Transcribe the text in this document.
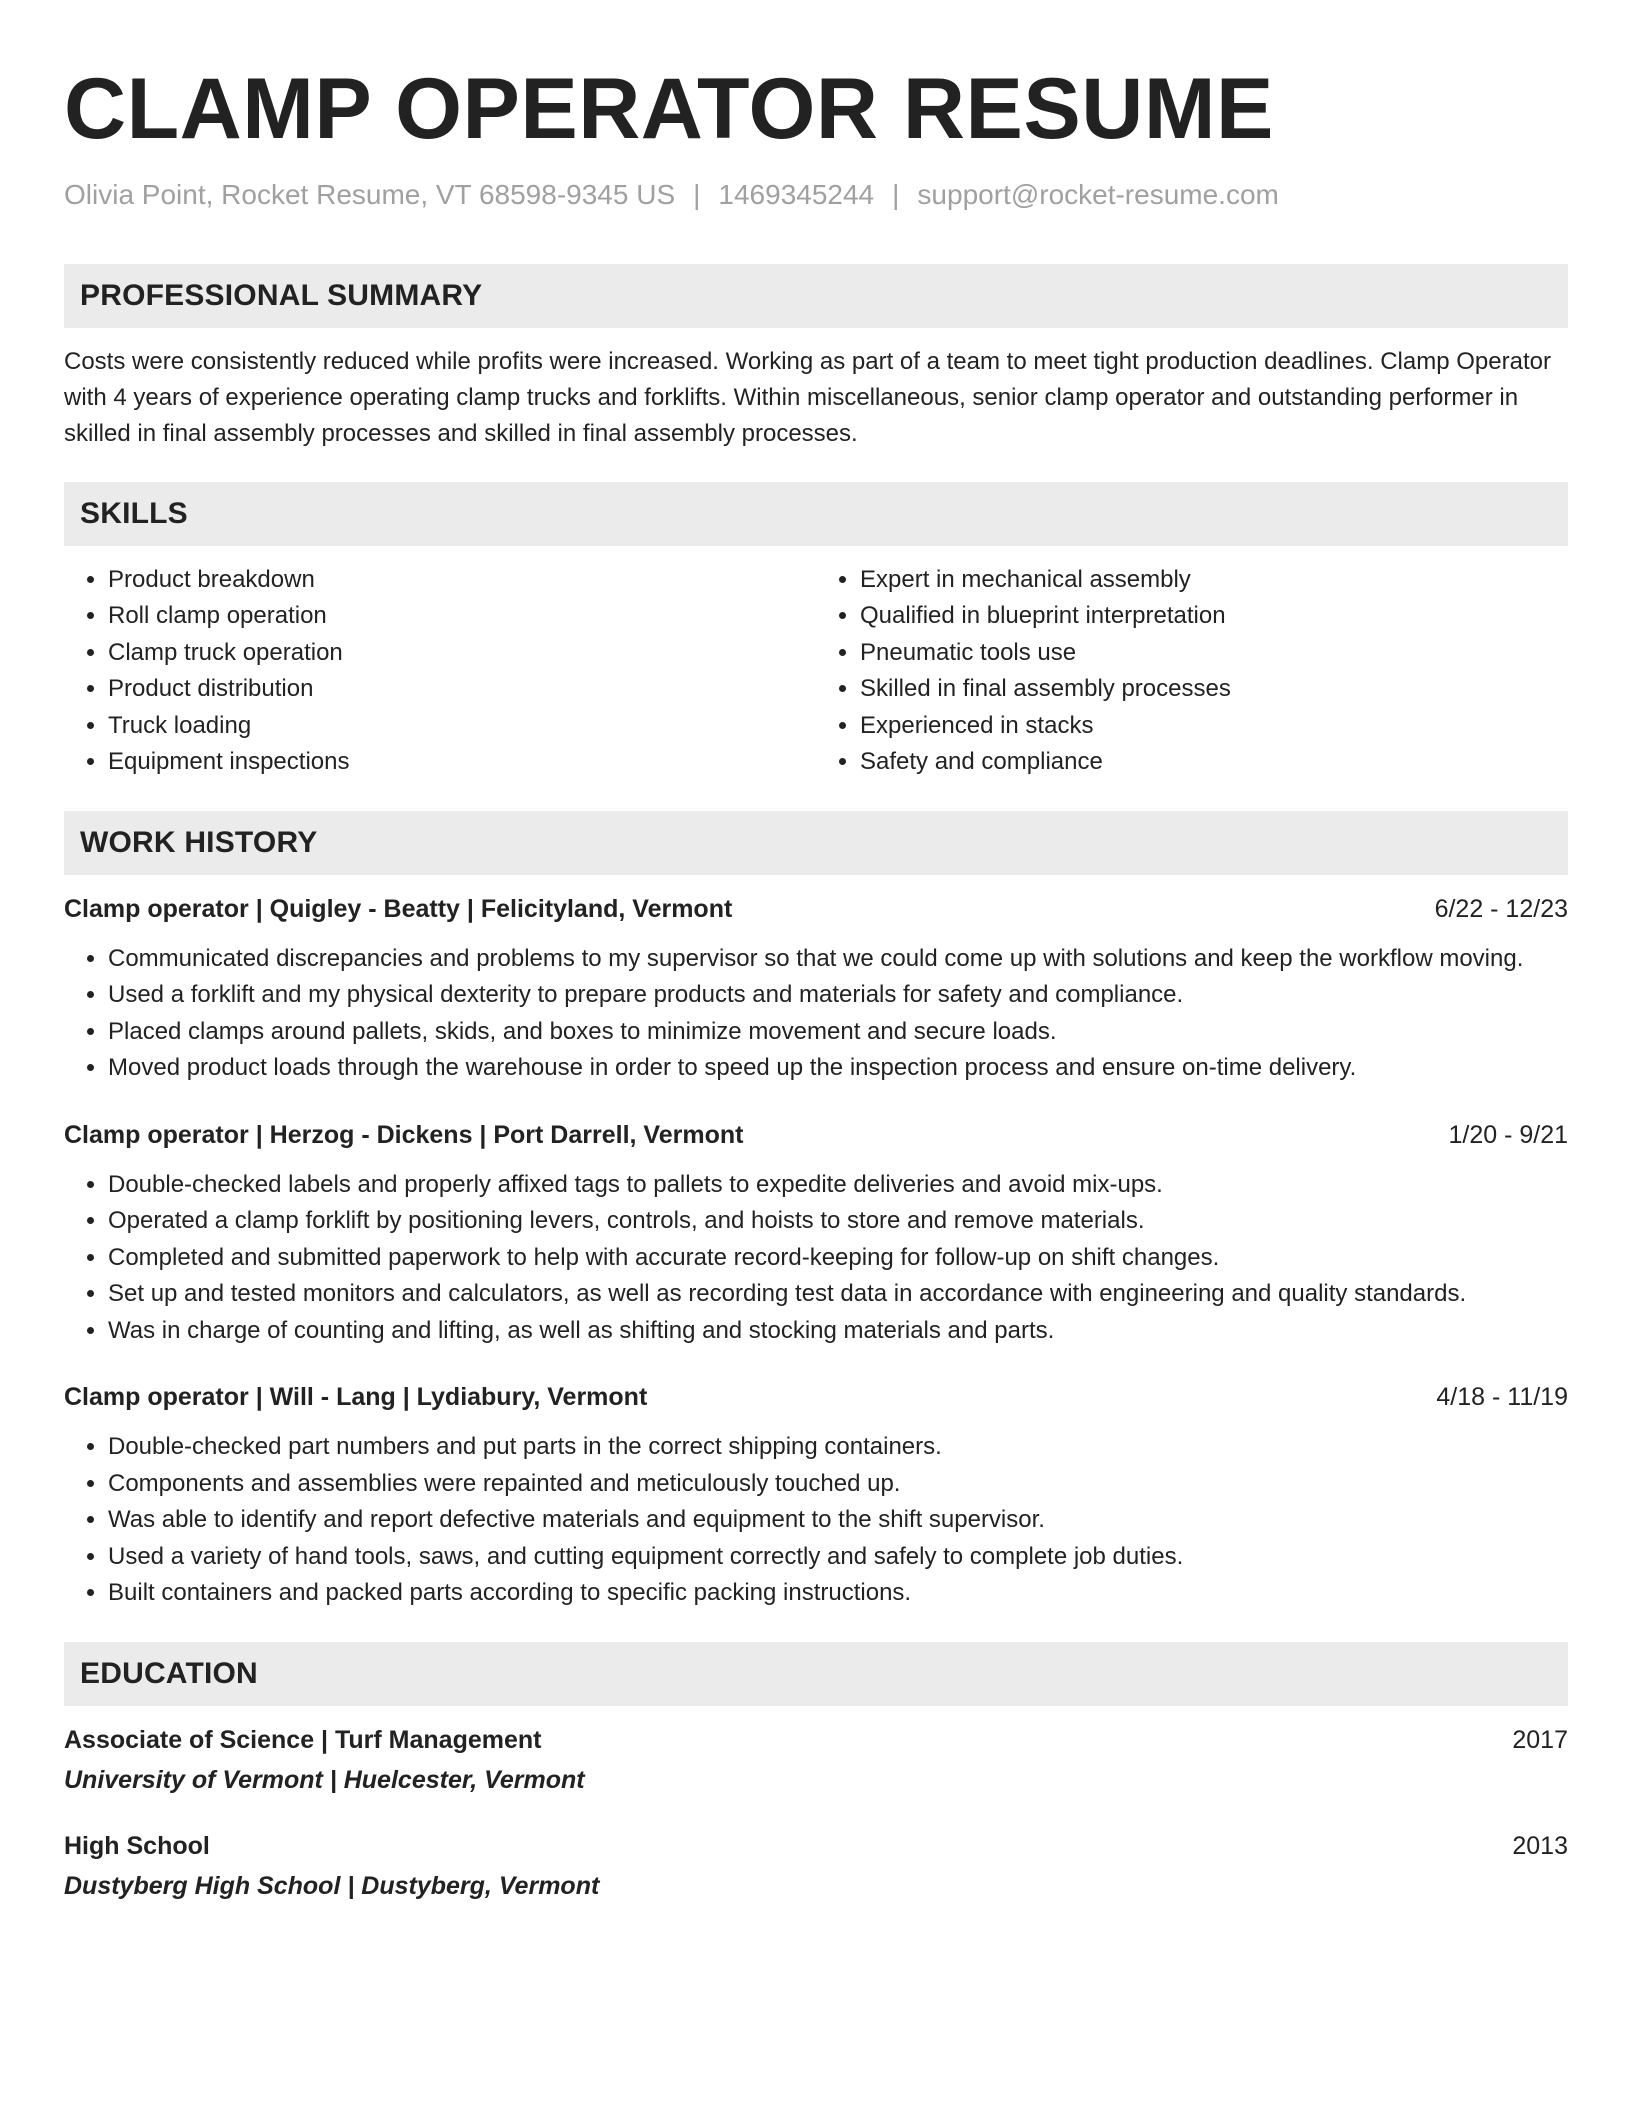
CLAMP OPERATOR RESUME
Olivia Point, Rocket Resume, VT 68598-9345 US | 1469345244 | support@rocket-resume.com
PROFESSIONAL SUMMARY
Costs were consistently reduced while profits were increased. Working as part of a team to meet tight production deadlines. Clamp Operator with 4 years of experience operating clamp trucks and forklifts. Within miscellaneous, senior clamp operator and outstanding performer in skilled in final assembly processes and skilled in final assembly processes.
SKILLS
• Product breakdown
• Roll clamp operation
• Clamp truck operation
• Product distribution
• Truck loading
• Equipment inspections
• Expert in mechanical assembly
• Qualified in blueprint interpretation
• Pneumatic tools use
• Skilled in final assembly processes
• Experienced in stacks
• Safety and compliance
WORK HISTORY
Clamp operator | Quigley - Beatty | Felicityland, Vermont	6/22 - 12/23
• Communicated discrepancies and problems to my supervisor so that we could come up with solutions and keep the workflow moving.
• Used a forklift and my physical dexterity to prepare products and materials for safety and compliance.
• Placed clamps around pallets, skids, and boxes to minimize movement and secure loads.
• Moved product loads through the warehouse in order to speed up the inspection process and ensure on-time delivery.
Clamp operator | Herzog - Dickens | Port Darrell, Vermont	1/20 - 9/21
• Double-checked labels and properly affixed tags to pallets to expedite deliveries and avoid mix-ups.
• Operated a clamp forklift by positioning levers, controls, and hoists to store and remove materials.
• Completed and submitted paperwork to help with accurate record-keeping for follow-up on shift changes.
• Set up and tested monitors and calculators, as well as recording test data in accordance with engineering and quality standards.
• Was in charge of counting and lifting, as well as shifting and stocking materials and parts.
Clamp operator | Will - Lang | Lydiabury, Vermont	4/18 - 11/19
• Double-checked part numbers and put parts in the correct shipping containers.
• Components and assemblies were repainted and meticulously touched up.
• Was able to identify and report defective materials and equipment to the shift supervisor.
• Used a variety of hand tools, saws, and cutting equipment correctly and safely to complete job duties.
• Built containers and packed parts according to specific packing instructions.
EDUCATION
Associate of Science | Turf Management	2017
University of Vermont | Huelcester, Vermont
High School	2013
Dustyberg High School | Dustyberg, Vermont
